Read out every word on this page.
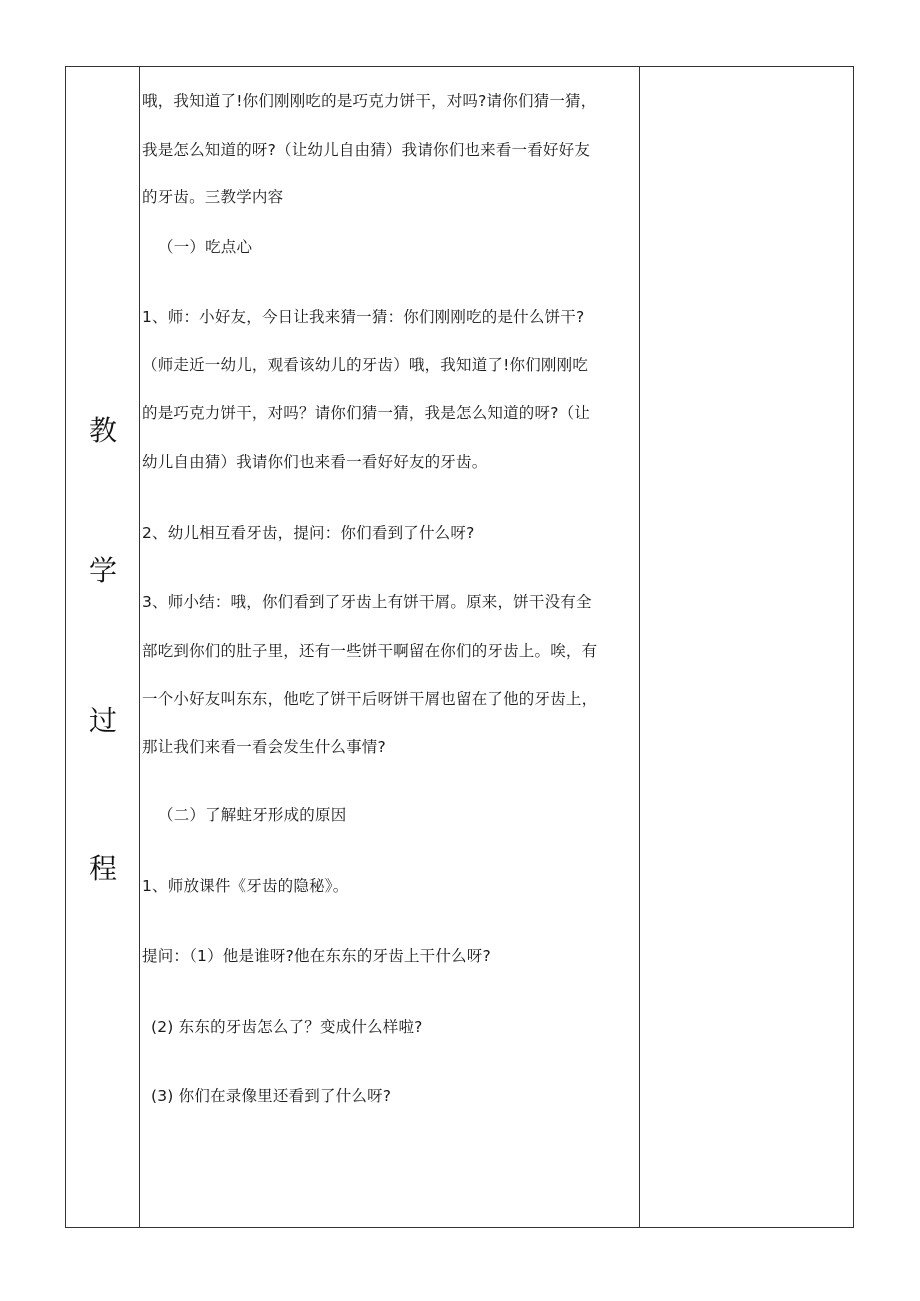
教
学
过
程
哦，我知道了!你们刚刚吃的是巧克力饼干，对吗?请你们猜一猜，
我是怎么知道的呀?（让幼儿自由猜）我请你们也来看一看好好友
的牙齿。三教学内容
（一）吃点心
1、师：小好友，今日让我来猜一猜：你们刚刚吃的是什么饼干?
（师走近一幼儿，观看该幼儿的牙齿）哦，我知道了!你们刚刚吃
的是巧克力饼干，对吗？请你们猜一猜，我是怎么知道的呀?（让
幼儿自由猜）我请你们也来看一看好好友的牙齿。
2、幼儿相互看牙齿，提问：你们看到了什么呀?
3、师小结：哦，你们看到了牙齿上有饼干屑。原来，饼干没有全
部吃到你们的肚子里，还有一些饼干啊留在你们的牙齿上。唉，有
一个小好友叫东东，他吃了饼干后呀饼干屑也留在了他的牙齿上，
那让我们来看一看会发生什么事情?
（二）了解蛀牙形成的原因
1、师放课件《牙齿的隐秘》。
提问：（1）他是谁呀?他在东东的牙齿上干什么呀?
(2) 东东的牙齿怎么了？变成什么样啦?
(3) 你们在录像里还看到了什么呀?
